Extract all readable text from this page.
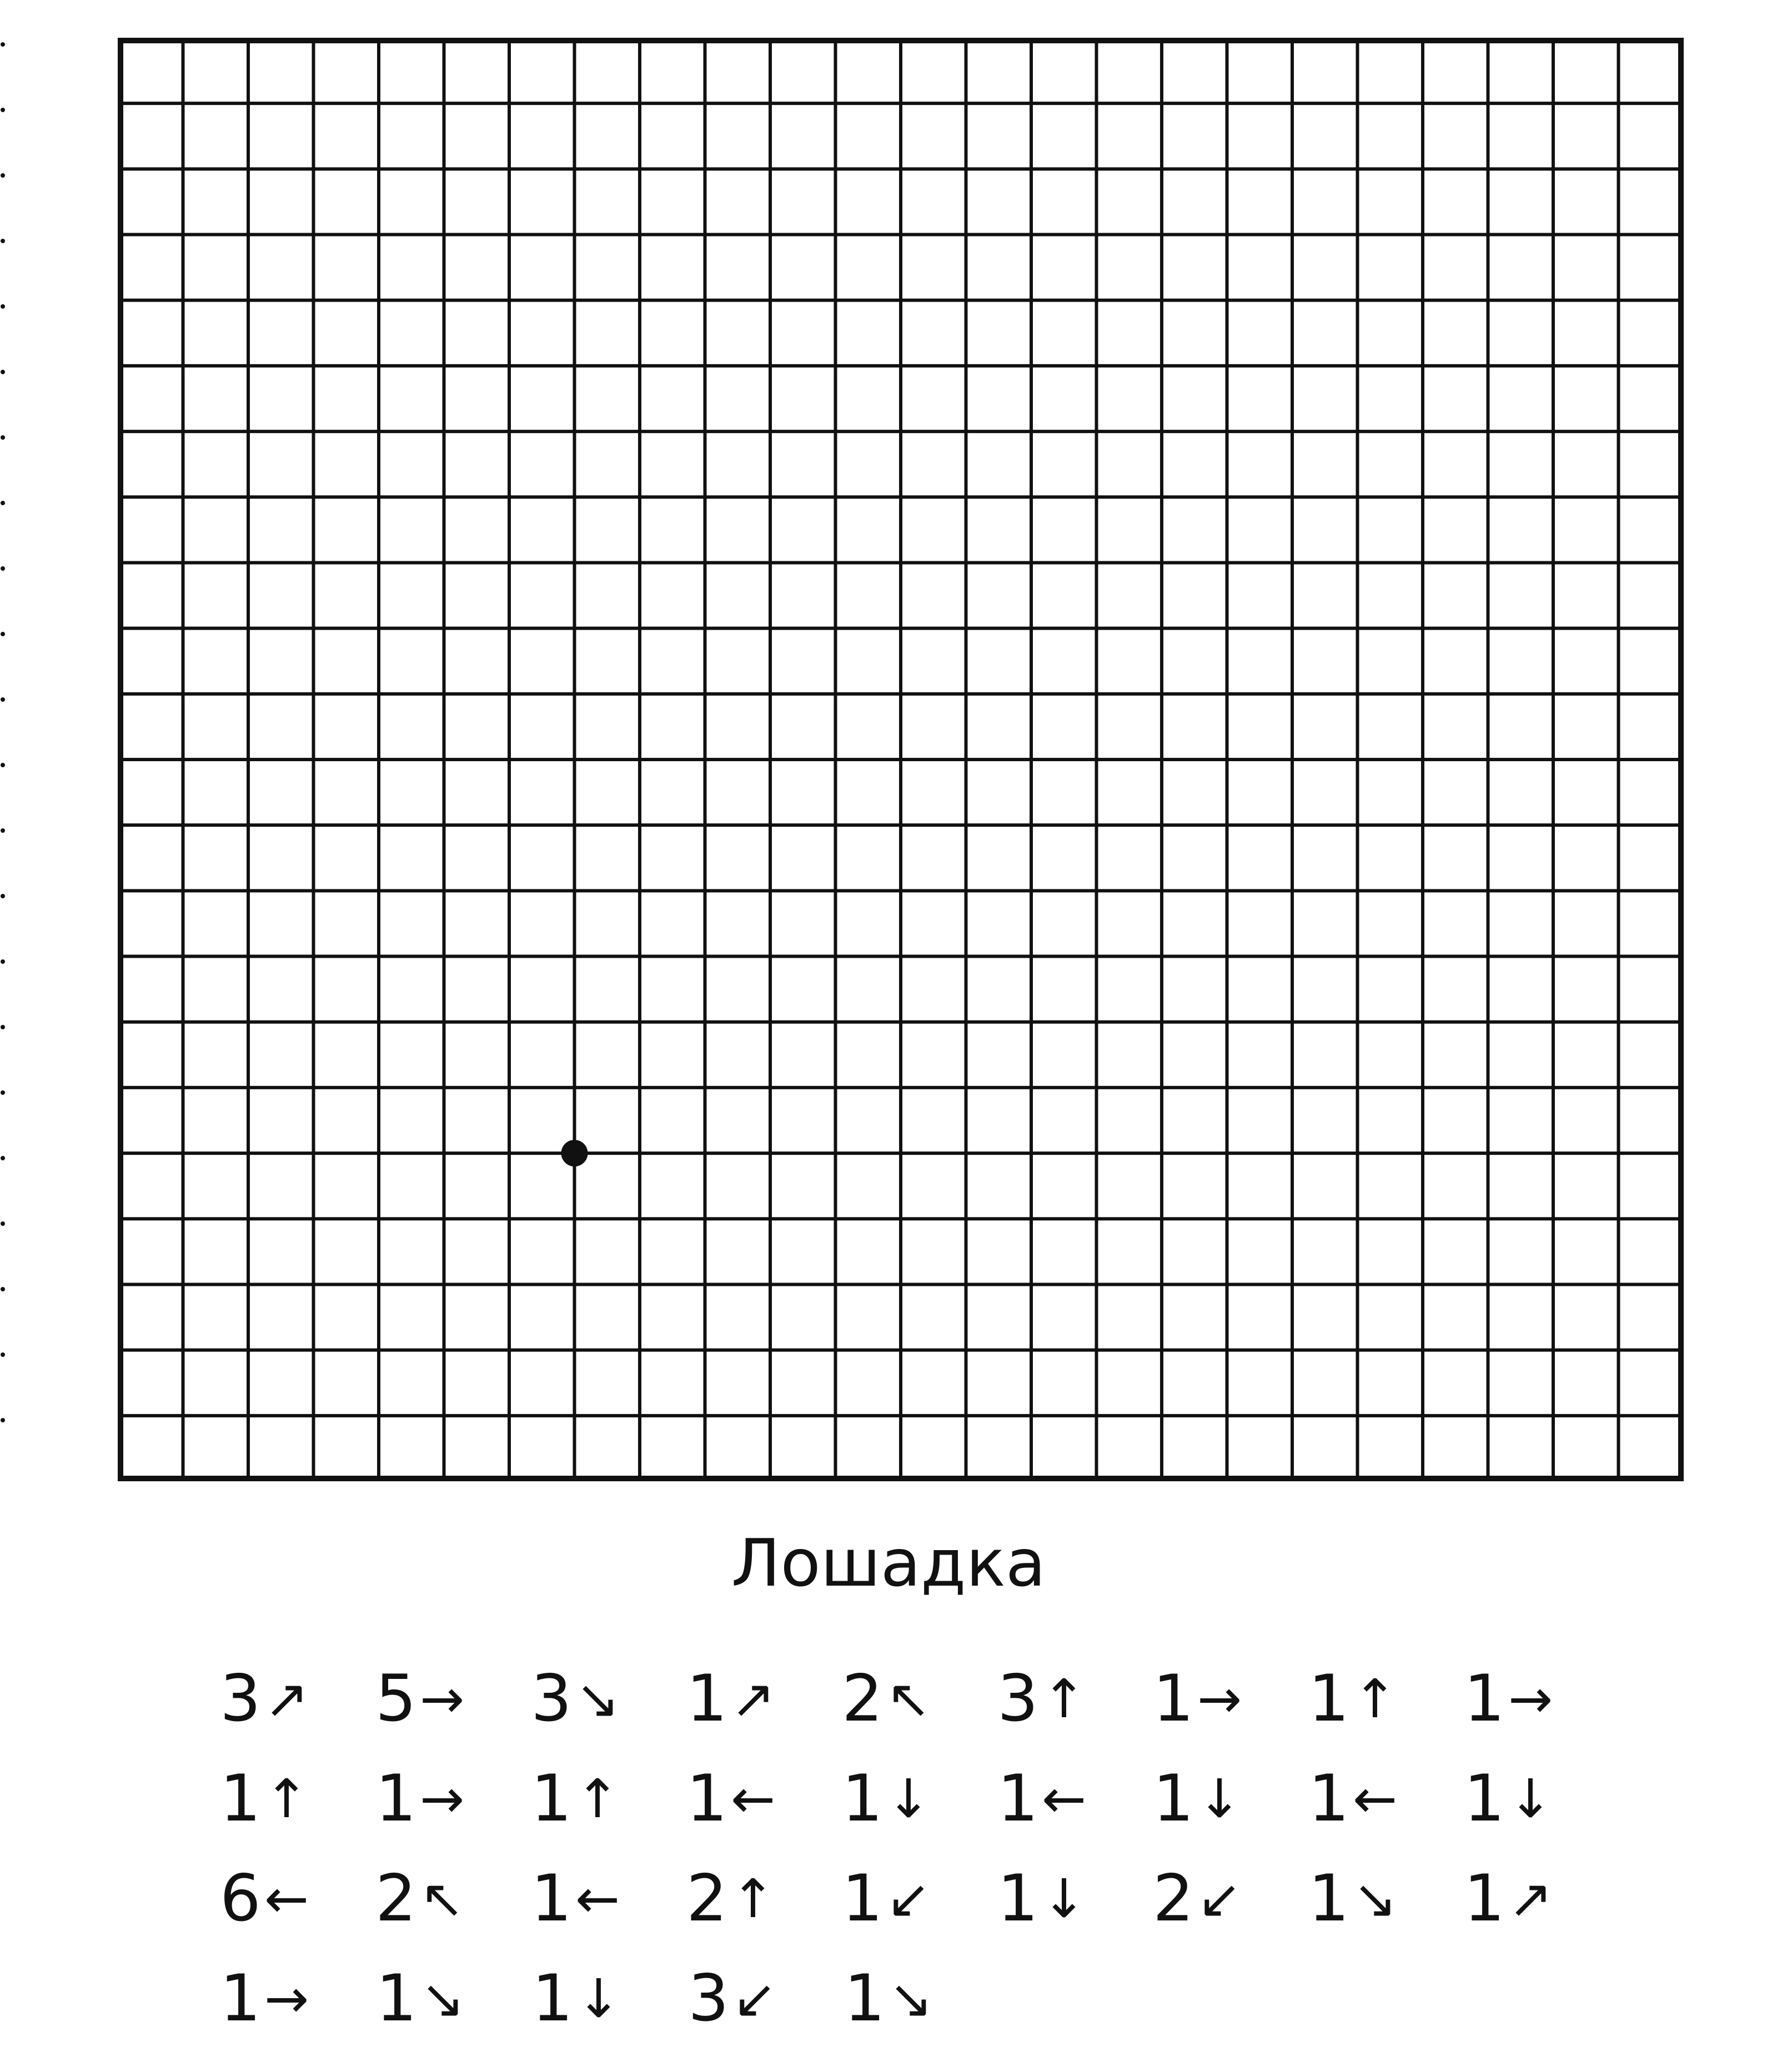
Лошадка
3 ↗ 5 → 3 ↘ 1 ↗ 2 ↖ 3 ↑ 1 → 1 ↑ 1 →
1 ↑ 1 → 1 ↑ 1 ← 1 ↓ 1 ← 1 ↓ 1 ← 1 ↓
6 ← 2 ↖ 1 ← 2 ↑ 1 ↙ 1 ↓ 2 ↙ 1 ↘ 1 ↗
1 → 1 ↘ 1 ↓ 3 ↙ 1 ↘
